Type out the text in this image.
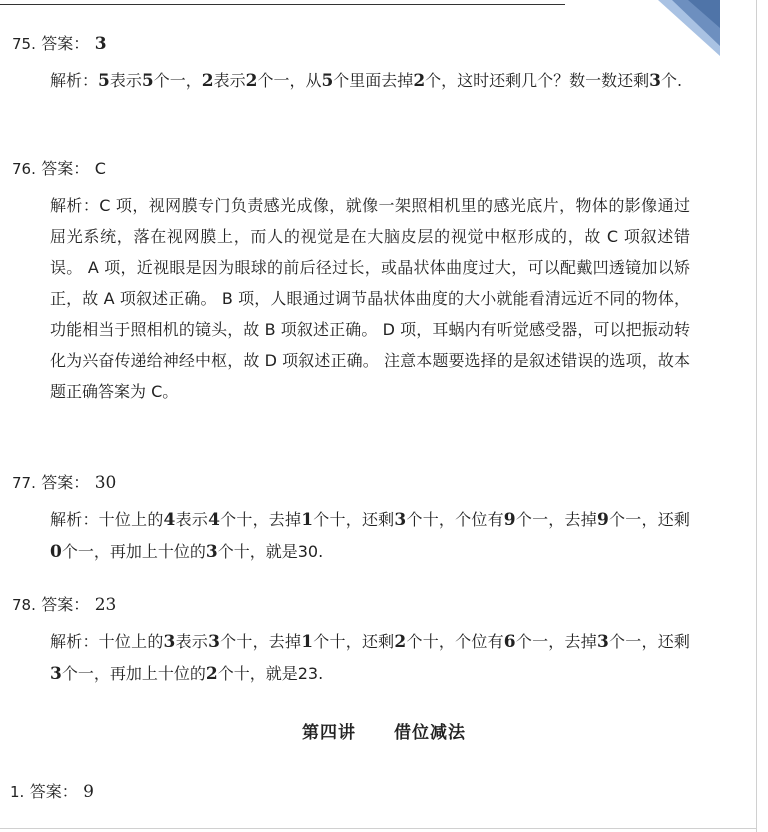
75. 答案： 3
解析：5表示5个一，2表示2个一，从5个里面去掉2个，这时还剩几个？数一数还剩3个.
76. 答案： C
解析：C 项，视网膜专门负责感光成像，就像一架照相机里的感光底片，物体的影像通过屈光系统，落在视网膜上，而人的视觉是在大脑皮层的视觉中枢形成的，故 C 项叙述错误。 A 项，近视眼是因为眼球的前后径过长，或晶状体曲度过大，可以配戴凹透镜加以矫正，故 A 项叙述正确。 B 项，人眼通过调节晶状体曲度的大小就能看清远近不同的物体，功能相当于照相机的镜头，故 B 项叙述正确。 D 项，耳蜗内有听觉感受器，可以把振动转化为兴奋传递给神经中枢，故 D 项叙述正确。 注意本题要选择的是叙述错误的选项，故本题正确答案为 C。
77. 答案： 30
解析：十位上的4表示4个十，去掉1个十，还剩3个十，个位有9个一，去掉9个一，还剩0个一，再加上十位的3个十，就是30.
78. 答案： 23
解析：十位上的3表示3个十，去掉1个十，还剩2个十，个位有6个一，去掉3个一，还剩3个一，再加上十位的2个十，就是23.
第四讲 借位减法
1. 答案： 9
